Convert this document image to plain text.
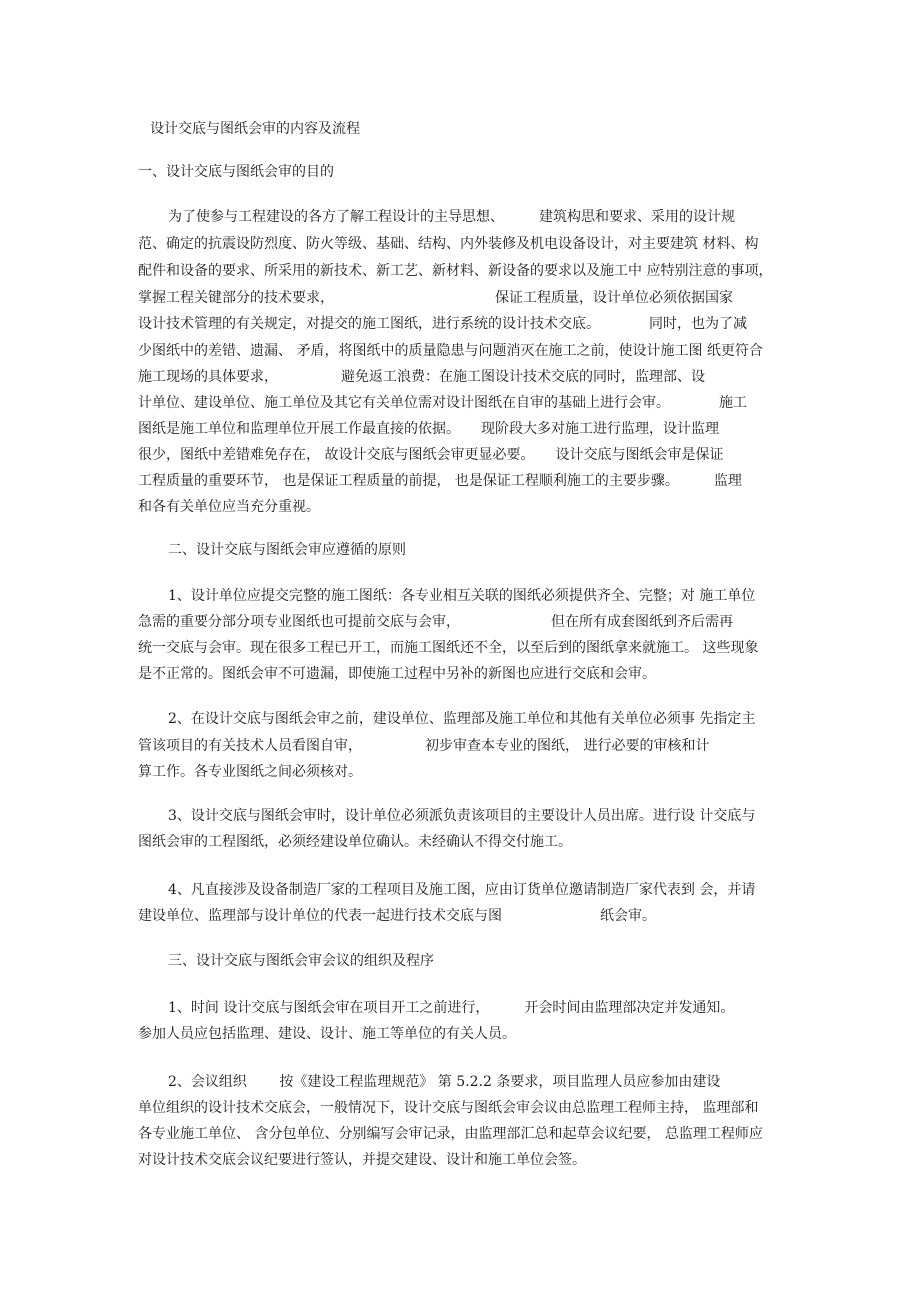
设计交底与图纸会审的内容及流程
一、设计交底与图纸会审的目的
为了使参与工程建设的各方了解工程设计的主导思想、　　　建筑构思和要求、采用的设计规
范、确定的抗震设防烈度、防火等级、基础、结构、内外装修及机电设备设计，对主要建筑 材料、构
配件和设备的要求、所采用的新技术、新工艺、新材料、新设备的要求以及施工中 应特别注意的事项，
掌握工程关键部分的技术要求，　　　　　　　　　　　　保证工程质量，设计单位必须依据国家
设计技术管理的有关规定，对提交的施工图纸，进行系统的设计技术交底。　　　　同时，也为了减
少图纸中的差错、遗漏、 矛盾，将图纸中的质量隐患与问题消灭在施工之前，使设计施工图 纸更符合
施工现场的具体要求，　　　　　避免返工浪费：在施工图设计技术交底的同时，监理部、设
计单位、建设单位、施工单位及其它有关单位需对设计图纸在自审的基础上进行会审。　　　　施工
图纸是施工单位和监理单位开展工作最直接的依据。　　现阶段大多对施工进行监理，设计监理
很少，图纸中差错难免存在， 故设计交底与图纸会审更显必要。　　设计交底与图纸会审是保证
工程质量的重要环节， 也是保证工程质量的前提， 也是保证工程顺利施工的主要步骤。　　　监理
和各有关单位应当充分重视。
二、设计交底与图纸会审应遵循的原则
1、设计单位应提交完整的施工图纸：各专业相互关联的图纸必须提供齐全、完整；对 施工单位
急需的重要分部分项专业图纸也可提前交底与会审，　　　　　　　但在所有成套图纸到齐后需再
统一交底与会审。现在很多工程已开工，而施工图纸还不全，以至后到的图纸拿来就施工。 这些现象
是不正常的。图纸会审不可遗漏，即使施工过程中另补的新图也应进行交底和会审。
2、在设计交底与图纸会审之前，建设单位、监理部及施工单位和其他有关单位必须事 先指定主
管该项目的有关技术人员看图自审，　　　　　初步审查本专业的图纸， 进行必要的审核和计
算工作。各专业图纸之间必须核对。
3、设计交底与图纸会审时，设计单位必须派负责该项目的主要设计人员出席。进行设 计交底与
图纸会审的工程图纸，必须经建设单位确认。未经确认不得交付施工。
4、凡直接涉及设备制造厂家的工程项目及施工图，应由订货单位邀请制造厂家代表到 会，并请
建设单位、监理部与设计单位的代表一起进行技术交底与图　　　　　　　纸会审。
三、设计交底与图纸会审会议的组织及程序
1、时间 设计交底与图纸会审在项目开工之前进行，　　　开会时间由监理部决定并发通知。
参加人员应包括监理、建设、设计、施工等单位的有关人员。
2、会议组织　　 按《建设工程监理规范》 第 5.2.2 条要求，项目监理人员应参加由建设
单位组织的设计技术交底会，一般情况下，设计交底与图纸会审会议由总监理工程师主持， 监理部和
各专业施工单位、 含分包单位、分别编写会审记录，由监理部汇总和起草会议纪要， 总监理工程师应
对设计技术交底会议纪要进行签认，并提交建设、设计和施工单位会签。
